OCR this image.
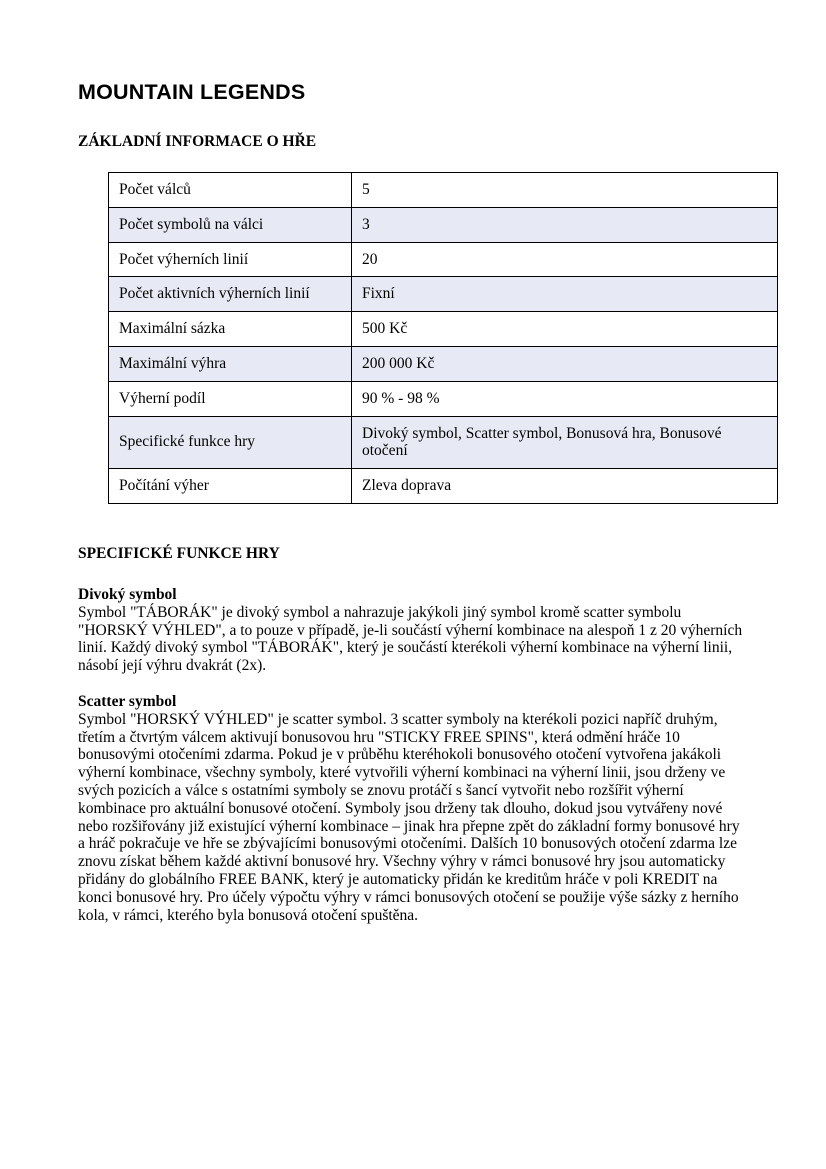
MOUNTAIN LEGENDS
ZÁKLADNÍ INFORMACE O HŘE
Počet válců	5
Počet symbolů na válci	3
Počet výherních linií	20
Počet aktivních výherních linií	Fixní
Maximální sázka	500 Kč
Maximální výhra	200 000 Kč
Výherní podíl	90 % - 98 %
Specifické funkce hry	Divoký symbol, Scatter symbol, Bonusová hra, Bonusové otočení
Počítání výher	Zleva doprava
SPECIFICKÉ FUNKCE HRY

Divoký symbol

Symbol "TÁBORÁK" je divoký symbol a nahrazuje jakýkoli jiný symbol kromě scatter symbolu "HORSKÝ VÝHLED", a to pouze v případě, je-li součástí výherní kombinace na alespoň 1 z 20 výherních linií. Každý divoký symbol "TÁBORÁK", který je součástí kterékoli výherní kombinace na výherní linii, násobí její výhru dvakrát (2x).

Scatter symbol

Symbol "HORSKÝ VÝHLED" je scatter symbol. 3 scatter symboly na kterékoli pozici napříč druhým, třetím a čtvrtým válcem aktivují bonusovou hru "STICKY FREE SPINS", která odmění hráče 10 bonusovými otočeními zdarma. Pokud je v průběhu kteréhokoli bonusového otočení vytvořena jakákoli výherní kombinace, všechny symboly, které vytvořili výherní kombinaci na výherní linii, jsou drženy ve svých pozicích a válce s ostatními symboly se znovu protáčí s šancí vytvořit nebo rozšířit výherní kombinace pro aktuální bonusové otočení. Symboly jsou drženy tak dlouho, dokud jsou vytvářeny nové nebo rozšiřovány již existující výherní kombinace – jinak hra přepne zpět do základní formy bonusové hry a hráč pokračuje ve hře se zbývajícími bonusovými otočeními. Dalších 10 bonusových otočení zdarma lze znovu získat během každé aktivní bonusové hry. Všechny výhry v rámci bonusové hry jsou automaticky přidány do globálního FREE BANK, který je automaticky přidán ke kreditům hráče v poli KREDIT na konci bonusové hry. Pro účely výpočtu výhry v rámci bonusových otočení se použije výše sázky z herního kola, v rámci, kterého byla bonusová otočení spuštěna.
